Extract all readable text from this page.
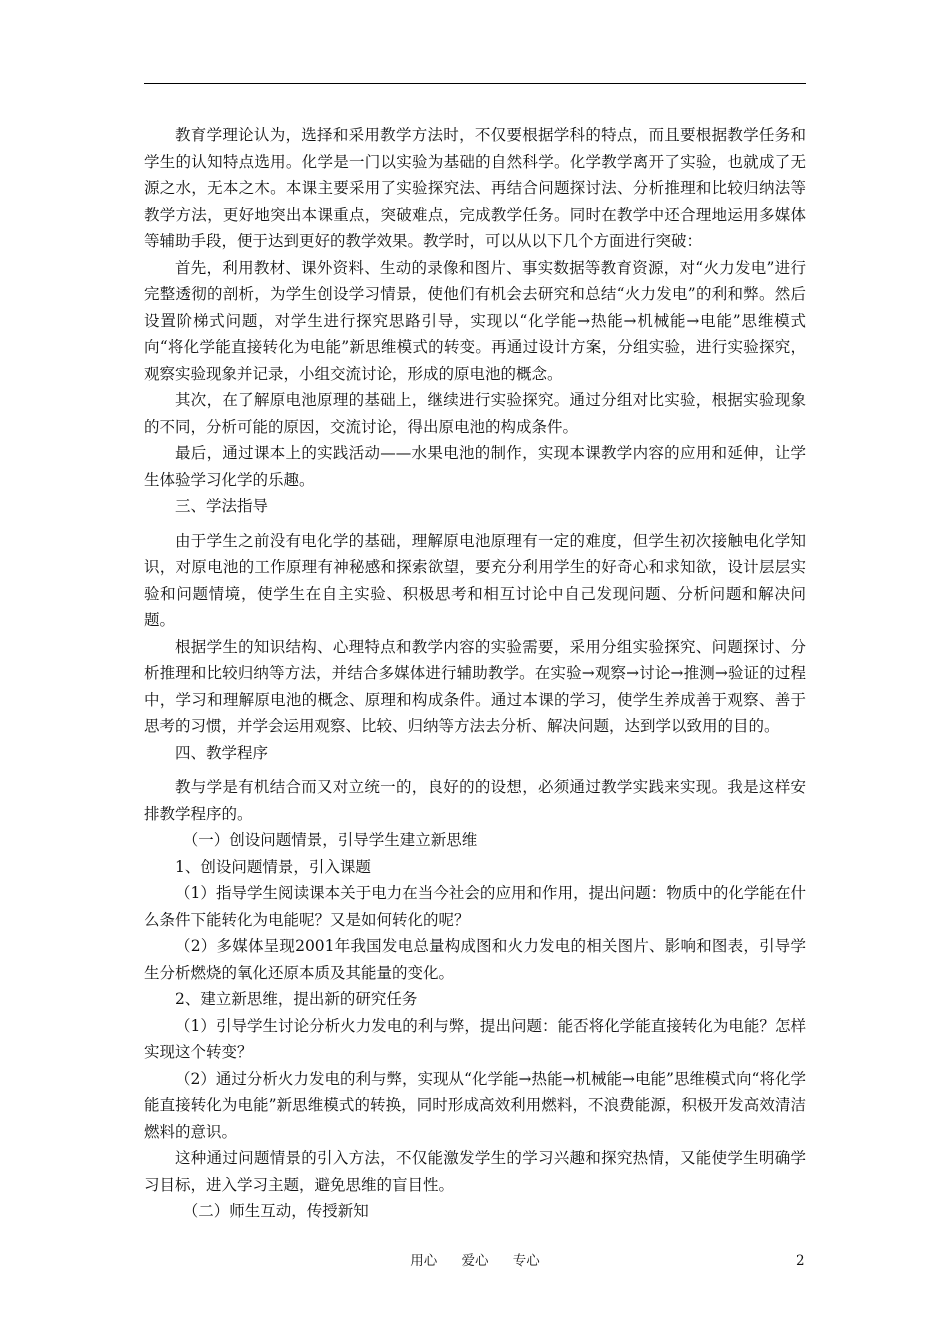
教育学理论认为，选择和采用教学方法时，不仅要根据学科的特点，而且要根据教学任务和学生的认知特点选用。化学是一门以实验为基础的自然科学。化学教学离开了实验，也就成了无源之水，无本之木。本课主要采用了实验探究法、再结合问题探讨法、分析推理和比较归纳法等教学方法，更好地突出本课重点，突破难点，完成教学任务。同时在教学中还合理地运用多媒体等辅助手段，便于达到更好的教学效果。教学时，可以从以下几个方面进行突破：

首先，利用教材、课外资料、生动的录像和图片、事实数据等教育资源，对“火力发电”进行完整透彻的剖析，为学生创设学习情景，使他们有机会去研究和总结“火力发电”的利和弊。然后设置阶梯式问题，对学生进行探究思路引导，实现以“化学能→热能→机械能→电能”思维模式向“将化学能直接转化为电能”新思维模式的转变。再通过设计方案，分组实验，进行实验探究，观察实验现象并记录，小组交流讨论，形成的原电池的概念。

其次，在了解原电池原理的基础上，继续进行实验探究。通过分组对比实验，根据实验现象的不同，分析可能的原因，交流讨论，得出原电池的构成条件。

最后，通过课本上的实践活动——水果电池的制作，实现本课教学内容的应用和延伸，让学生体验学习化学的乐趣。

三、学法指导

由于学生之前没有电化学的基础，理解原电池原理有一定的难度，但学生初次接触电化学知识，对原电池的工作原理有神秘感和探索欲望，要充分利用学生的好奇心和求知欲，设计层层实验和问题情境，使学生在自主实验、积极思考和相互讨论中自己发现问题、分析问题和解决问题。

根据学生的知识结构、心理特点和教学内容的实验需要，采用分组实验探究、问题探讨、分析推理和比较归纳等方法，并结合多媒体进行辅助教学。在实验→观察→讨论→推测→验证的过程中，学习和理解原电池的概念、原理和构成条件。通过本课的学习，使学生养成善于观察、善于思考的习惯，并学会运用观察、比较、归纳等方法去分析、解决问题，达到学以致用的目的。

四、教学程序

教与学是有机结合而又对立统一的，良好的的设想，必须通过教学实践来实现。我是这样安排教学程序的。

（一）创设问题情景，引导学生建立新思维

1、创设问题情景，引入课题

（1）指导学生阅读课本关于电力在当今社会的应用和作用，提出问题：物质中的化学能在什么条件下能转化为电能呢？又是如何转化的呢？

（2）多媒体呈现2001年我国发电总量构成图和火力发电的相关图片、影响和图表，引导学生分析燃烧的氧化还原本质及其能量的变化。

2、建立新思维，提出新的研究任务

（1）引导学生讨论分析火力发电的利与弊，提出问题：能否将化学能直接转化为电能？怎样实现这个转变？

（2）通过分析火力发电的利与弊，实现从“化学能→热能→机械能→电能”思维模式向“将化学能直接转化为电能”新思维模式的转换，同时形成高效利用燃料，不浪费能源，积极开发高效清洁燃料的意识。

这种通过问题情景的引入方法，不仅能激发学生的学习兴趣和探究热情，又能使学生明确学习目标，进入学习主题，避免思维的盲目性。

（二）师生互动，传授新知

用心 爱心 专心	2
